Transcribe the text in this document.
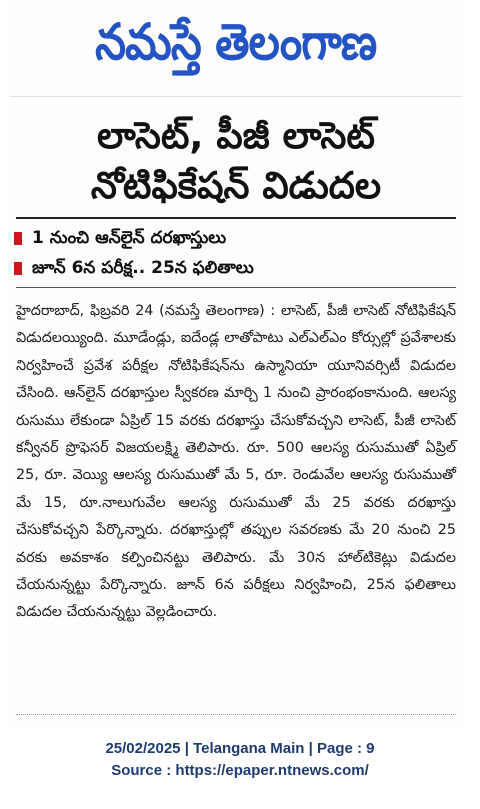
నమస్తే తెలంగాణ
లాసెట్, పీజీ లాసెట్
నోటిఫికేషన్ విడుదల
1 నుంచి ఆన్‌లైన్ దరఖాస్తులు
జూన్ 6న పరీక్ష.. 25న ఫలితాలు
హైదరాబాద్, ఫిబ్రవరి 24 (నమస్తే తెలంగాణ) : లాసెట్, పీజీ లాసెట్ నోటిఫికేషన్ విడుదలయ్యింది. మూడేండ్లు, ఐదేండ్ల లాతోపాటు ఎల్‌ఎల్‌ఎం కోర్సుల్లో ప్రవేశాలకు నిర్వహించే ప్రవేశ పరీక్షల నోటిఫికేషన్‌ను ఉస్మానియా యూనివర్సిటీ విడుదల చేసింది. ఆన్‌లైన్ దరఖాస్తుల స్వీకరణ మార్చి 1 నుంచి ప్రారంభంకానుంది. ఆలస్య రుసుము లేకుండా ఏప్రిల్ 15 వరకు దరఖాస్తు చేసుకోవచ్చని లాసెట్, పీజీ లాసెట్ కన్వీనర్ ప్రొఫెసర్ విజయలక్ష్మి తెలిపారు. రూ. 500 ఆలస్య రుసుముతో ఏప్రిల్ 25, రూ. వెయ్యి ఆలస్య రుసుముతో మే 5, రూ. రెండువేల ఆలస్య రుసుముతో మే 15, రూ.నాలుగువేల ఆలస్య రుసుముతో మే 25 వరకు దరఖాస్తు చేసుకోవచ్చని పేర్కొన్నారు. దరఖాస్తుల్లో తప్పుల సవరణకు మే 20 నుంచి 25 వరకు అవకాశం కల్పించినట్టు తెలిపారు. మే 30న హాల్‌టికెట్లు విడుదల చేయనున్నట్టు పేర్కొన్నారు. జూన్ 6న పరీక్షలు నిర్వహించి, 25న ఫలితాలు విడుదల చేయనున్నట్టు వెల్లడించారు.
25/02/2025 | Telangana Main | Page : 9
Source : https://epaper.ntnews.com/
